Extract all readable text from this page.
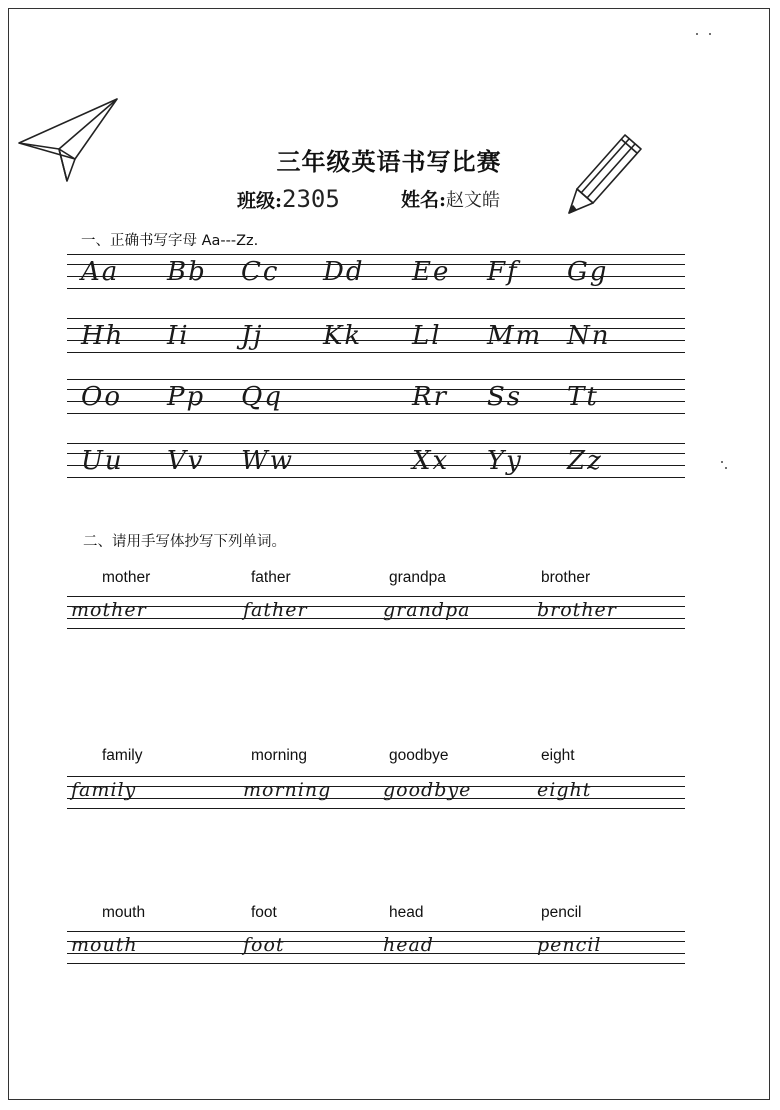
三年级英语书写比赛
班级:2305	姓名:赵文皓
一、正确书写字母 Aa---Zz.
Aa Bb Cc Dd Ee Ff Gg
Hh Ii Jj Kk Ll Mm Nn
Oo Pp Qq	Rr Ss Tt
Uu Vv Ww	Xx Yy Zz
二、请用手写体抄写下列单词。
mother	father	grandpa	brother
mother	father	grandpa	brother
family	morning	goodbye	eight
family	morning	goodbye	eight
mouth	foot	head	pencil
mouth	foot	head	pencil
